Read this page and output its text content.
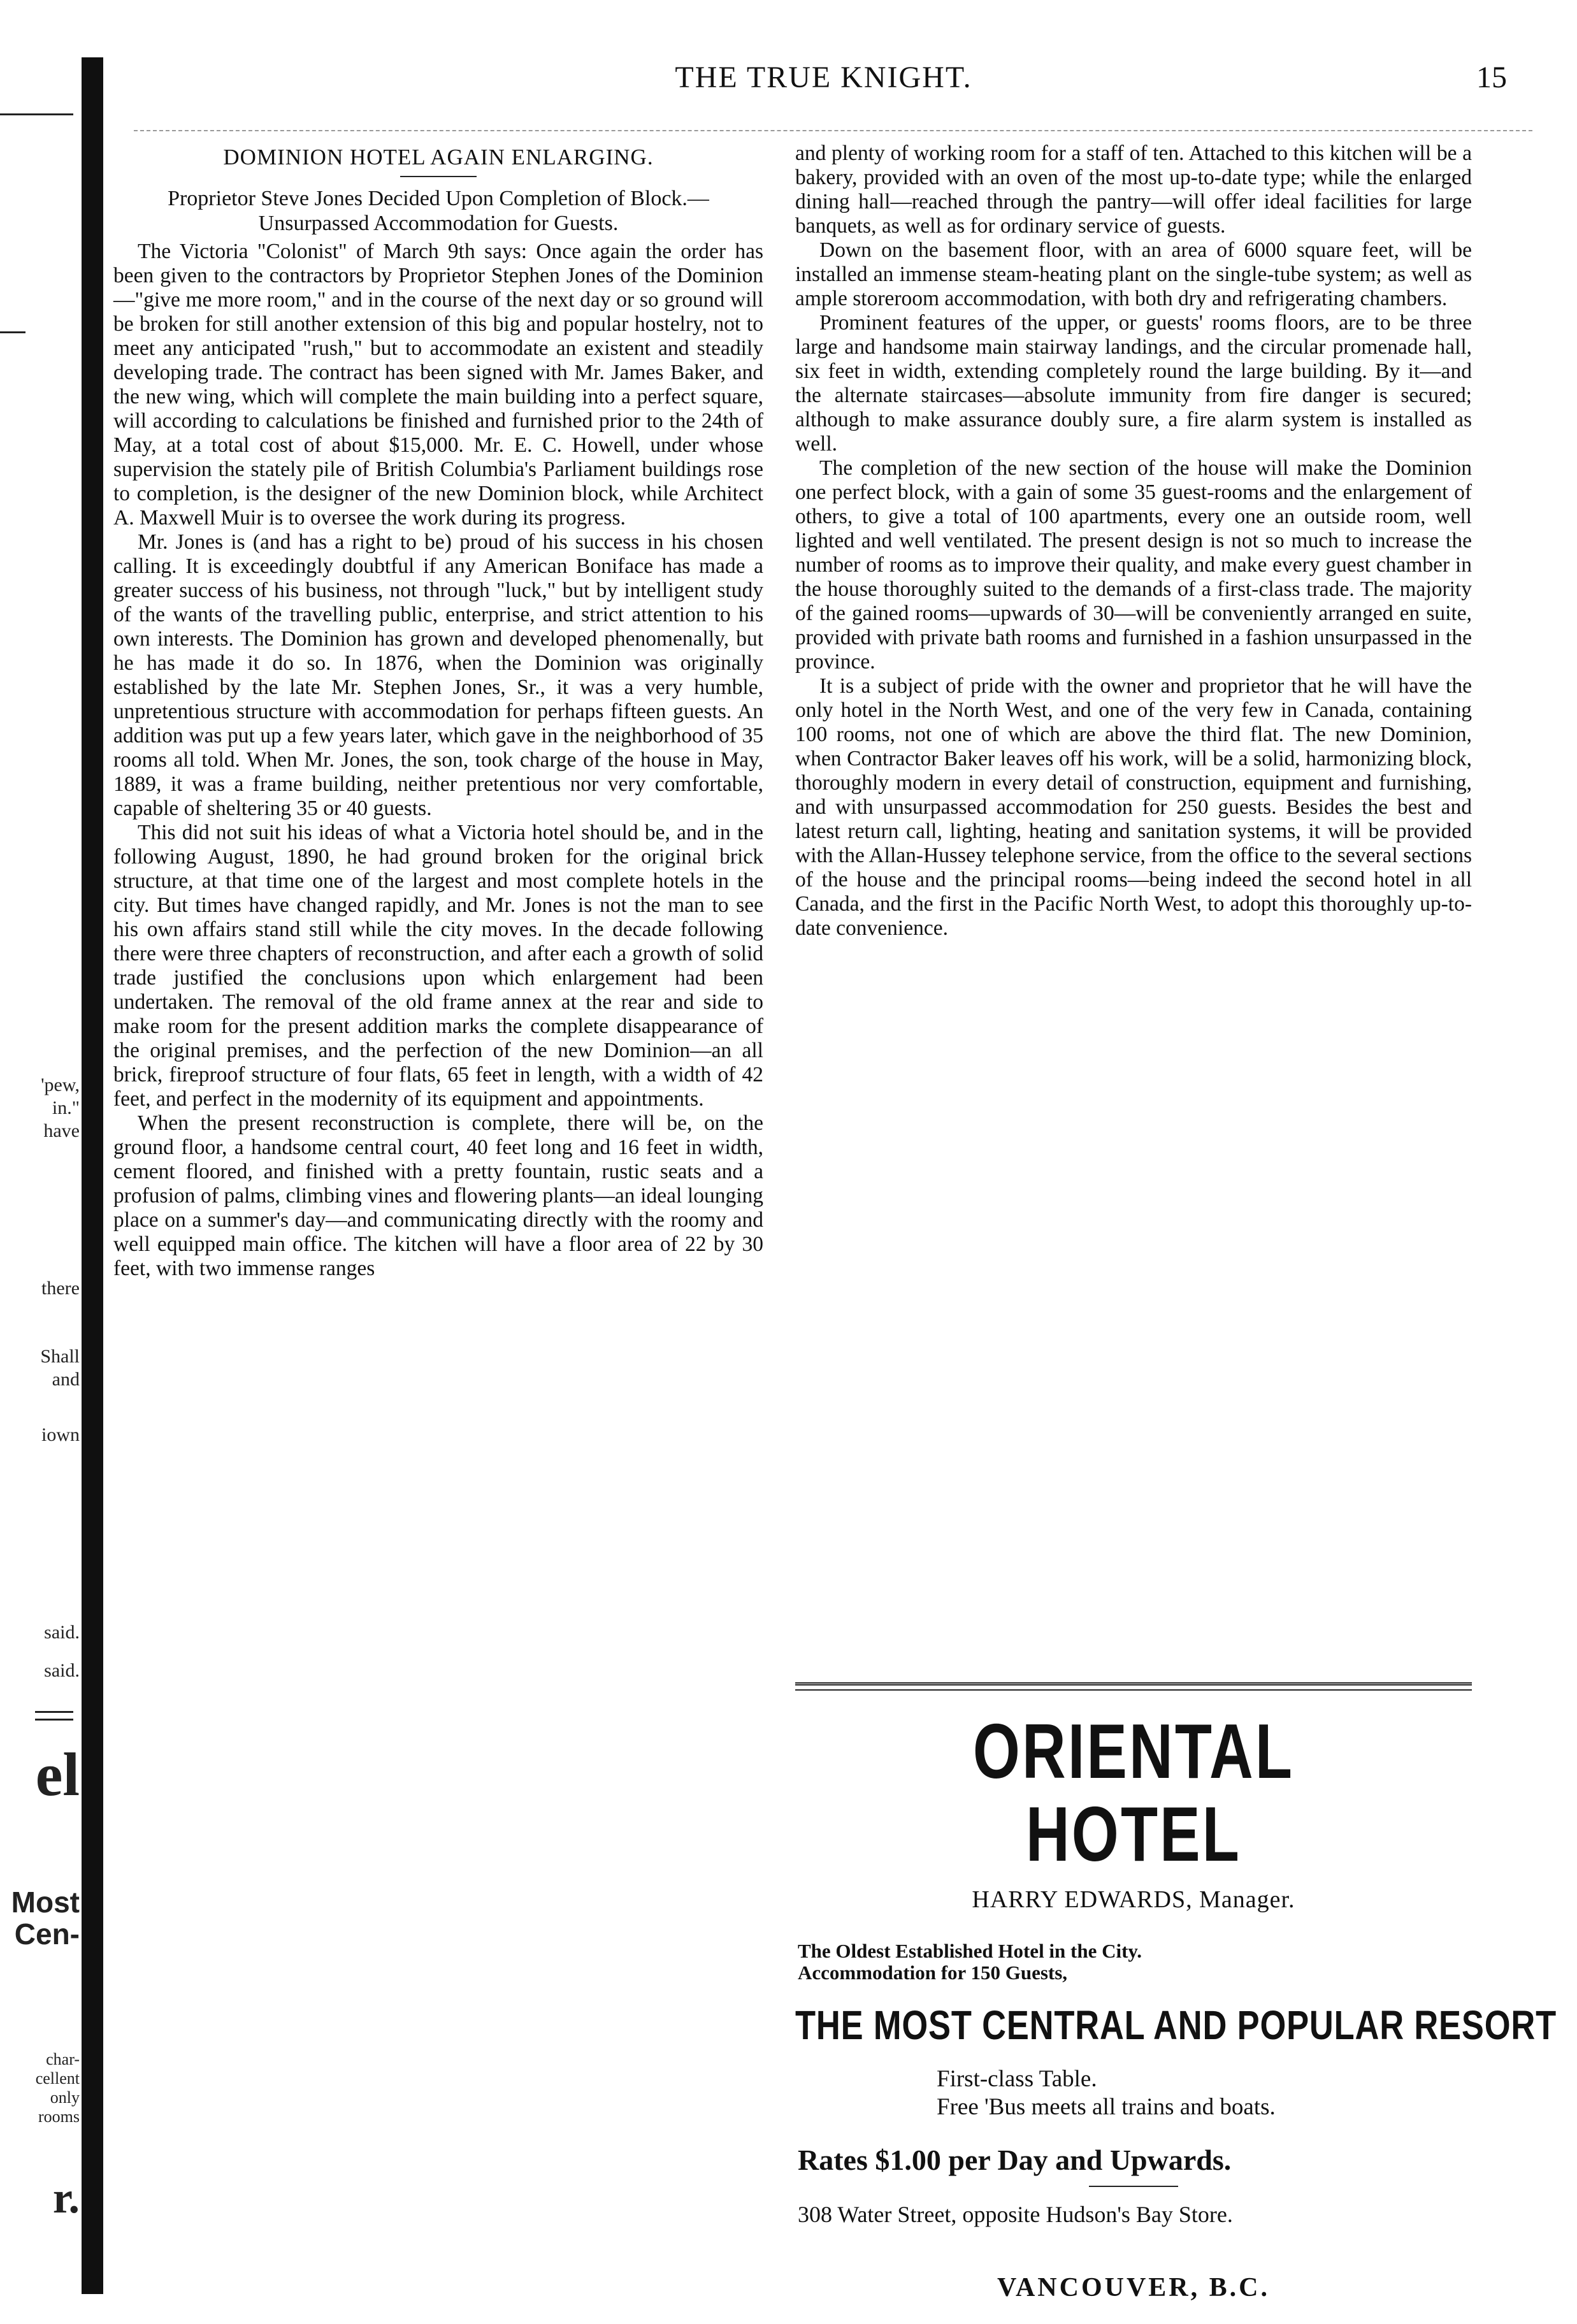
'pew,
in."
have
there
Shall
and
iown
said.
said.
el
Most
Cen-
char-
cellent
only
rooms
r.
THE TRUE KNIGHT.	15
DOMINION HOTEL AGAIN ENLARGING.
Proprietor Steve Jones Decided Upon Completion of Block.—Unsurpassed Accommodation for Guests.

The Victoria "Colonist" of March 9th says: Once again the order has been given to the contractors by Proprietor Stephen Jones of the Dominion—"give me more room," and in the course of the next day or so ground will be broken for still another extension of this big and popular hostelry, not to meet any anticipated "rush," but to accommodate an existent and steadily developing trade. The contract has been signed with Mr. James Baker, and the new wing, which will complete the main building into a perfect square, will according to calculations be finished and furnished prior to the 24th of May, at a total cost of about $15,000. Mr. E. C. Howell, under whose supervision the stately pile of British Columbia's Parliament buildings rose to completion, is the designer of the new Dominion block, while Architect A. Maxwell Muir is to oversee the work during its progress.

Mr. Jones is (and has a right to be) proud of his success in his chosen calling. It is exceedingly doubtful if any American Boniface has made a greater success of his business, not through "luck," but by intelligent study of the wants of the travelling public, enterprise, and strict attention to his own interests. The Dominion has grown and developed phenomenally, but he has made it do so. In 1876, when the Dominion was originally established by the late Mr. Stephen Jones, Sr., it was a very humble, unpretentious structure with accommodation for perhaps fifteen guests. An addition was put up a few years later, which gave in the neighborhood of 35 rooms all told. When Mr. Jones, the son, took charge of the house in May, 1889, it was a frame building, neither pretentious nor very comfortable, capable of sheltering 35 or 40 guests.

This did not suit his ideas of what a Victoria hotel should be, and in the following August, 1890, he had ground broken for the original brick structure, at that time one of the largest and most complete hotels in the city. But times have changed rapidly, and Mr. Jones is not the man to see his own affairs stand still while the city moves. In the decade following there were three chapters of reconstruction, and after each a growth of solid trade justified the conclusions upon which enlargement had been undertaken. The removal of the old frame annex at the rear and side to make room for the present addition marks the complete disappearance of the original premises, and the perfection of the new Dominion—an all brick, fireproof structure of four flats, 65 feet in length, with a width of 42 feet, and perfect in the modernity of its equipment and appointments.

When the present reconstruction is complete, there will be, on the ground floor, a handsome central court, 40 feet long and 16 feet in width, cement floored, and finished with a pretty fountain, rustic seats and a profusion of palms, climbing vines and flowering plants—an ideal lounging place on a summer's day—and communicating directly with the roomy and well equipped main office. The kitchen will have a floor area of 22 by 30 feet, with two immense ranges

and plenty of working room for a staff of ten. Attached to this kitchen will be a bakery, provided with an oven of the most up-to-date type; while the enlarged dining hall—reached through the pantry—will offer ideal facilities for large banquets, as well as for ordinary service of guests.

Down on the basement floor, with an area of 6000 square feet, will be installed an immense steam-heating plant on the single-tube system; as well as ample storeroom accommodation, with both dry and refrigerating chambers.

Prominent features of the upper, or guests' rooms floors, are to be three large and handsome main stairway landings, and the circular promenade hall, six feet in width, extending completely round the large building. By it—and the alternate staircases—absolute immunity from fire danger is secured; although to make assurance doubly sure, a fire alarm system is installed as well.

The completion of the new section of the house will make the Dominion one perfect block, with a gain of some 35 guest-rooms and the enlargement of others, to give a total of 100 apartments, every one an outside room, well lighted and well ventilated. The present design is not so much to increase the number of rooms as to improve their quality, and make every guest chamber in the house thoroughly suited to the demands of a first-class trade. The majority of the gained rooms—upwards of 30—will be conveniently arranged en suite, provided with private bath rooms and furnished in a fashion unsurpassed in the province.

It is a subject of pride with the owner and proprietor that he will have the only hotel in the North West, and one of the very few in Canada, containing 100 rooms, not one of which are above the third flat. The new Dominion, when Contractor Baker leaves off his work, will be a solid, harmonizing block, thoroughly modern in every detail of construction, equipment and furnishing, and with unsurpassed accommodation for 250 guests. Besides the best and latest return call, lighting, heating and sanitation systems, it will be provided with the Allan-Hussey telephone service, from the office to the several sections of the house and the principal rooms—being indeed the second hotel in all Canada, and the first in the Pacific North West, to adopt this thoroughly up-to-date convenience.

ORIENTAL HOTEL
HARRY EDWARDS, Manager.
The Oldest Established Hotel in the City.
Accommodation for 150 Guests,
THE MOST CENTRAL AND POPULAR RESORT
First-class Table.
Free 'Bus meets all trains and boats.
Rates $1.00 per Day and Upwards.
308 Water Street, opposite Hudson's Bay Store.
VANCOUVER, B.C.
